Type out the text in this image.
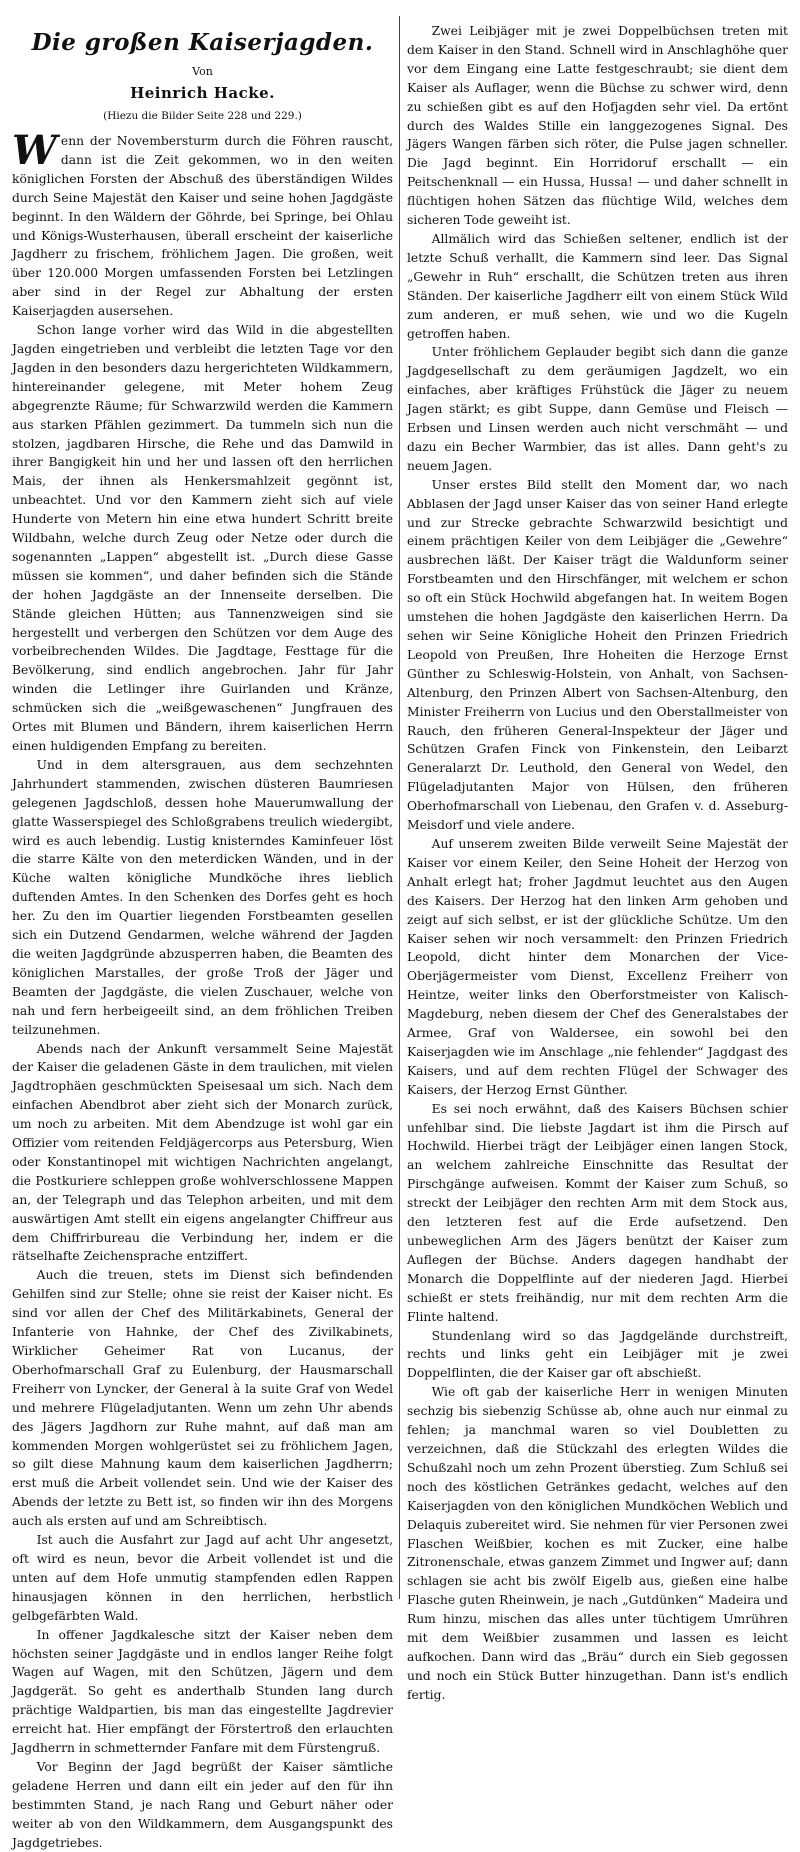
Die großen Kaiserjagden.
Von
Heinrich Hacke.
(Hiezu die Bilder Seite 228 und 229.)

Wenn der Novembersturm durch die Föhren rauscht, dann ist die Zeit gekommen, wo in den weiten königlichen Forsten der Abschuß des überständigen Wildes durch Seine Majestät den Kaiser und seine hohen Jagdgäste beginnt. In den Wäldern der Göhrde, bei Springe, bei Ohlau und Königs-Wusterhausen, überall erscheint der kaiserliche Jagdherr zu frischem, fröhlichem Jagen. Die großen, weit über 120.000 Morgen umfassenden Forsten bei Letzlingen aber sind in der Regel zur Abhaltung der ersten Kaiserjagden ausersehen.

Schon lange vorher wird das Wild in die abgestellten Jagden eingetrieben und verbleibt die letzten Tage vor den Jagden in den besonders dazu hergerichteten Wildkammern, hintereinander gelegene, mit Meter hohem Zeug abgegrenzte Räume; für Schwarzwild werden die Kammern aus starken Pfählen gezimmert. Da tummeln sich nun die stolzen, jagdbaren Hirsche, die Rehe und das Damwild in ihrer Bangigkeit hin und her und lassen oft den herrlichen Mais, der ihnen als Henkersmahlzeit gegönnt ist, unbeachtet. Und vor den Kammern zieht sich auf viele Hunderte von Metern hin eine etwa hundert Schritt breite Wildbahn, welche durch Zeug oder Netze oder durch die sogenannten „Lappen“ abgestellt ist. „Durch diese Gasse müssen sie kommen“, und daher befinden sich die Stände der hohen Jagdgäste an der Innenseite derselben. Die Stände gleichen Hütten; aus Tannenzweigen sind sie hergestellt und verbergen den Schützen vor dem Auge des vorbeibrechenden Wildes. Die Jagdtage, Festtage für die Bevölkerung, sind endlich angebrochen. Jahr für Jahr winden die Letlinger ihre Guirlanden und Kränze, schmücken sich die „weißgewaschenen“ Jungfrauen des Ortes mit Blumen und Bändern, ihrem kaiserlichen Herrn einen huldigenden Empfang zu bereiten.

Und in dem altersgrauen, aus dem sechzehnten Jahrhundert stammenden, zwischen düsteren Baumriesen gelegenen Jagdschloß, dessen hohe Mauerumwallung der glatte Wasserspiegel des Schloßgrabens treulich wiedergibt, wird es auch lebendig. Lustig knisterndes Kaminfeuer löst die starre Kälte von den meterdicken Wänden, und in der Küche walten königliche Mundköche ihres lieblich duftenden Amtes. In den Schenken des Dorfes geht es hoch her. Zu den im Quartier liegenden Forstbeamten gesellen sich ein Dutzend Gendarmen, welche während der Jagden die weiten Jagdgründe abzusperren haben, die Beamten des königlichen Marstalles, der große Troß der Jäger und Beamten der Jagdgäste, die vielen Zuschauer, welche von nah und fern herbeigeeilt sind, an dem fröhlichen Treiben teilzunehmen.

Abends nach der Ankunft versammelt Seine Majestät der Kaiser die geladenen Gäste in dem traulichen, mit vielen Jagdtrophäen geschmückten Speisesaal um sich. Nach dem einfachen Abendbrot aber zieht sich der Monarch zurück, um noch zu arbeiten. Mit dem Abendzuge ist wohl gar ein Offizier vom reitenden Feldjägercorps aus Petersburg, Wien oder Konstantinopel mit wichtigen Nachrichten angelangt, die Postkuriere schleppen große wohlverschlossene Mappen an, der Telegraph und das Telephon arbeiten, und mit dem auswärtigen Amt stellt ein eigens angelangter Chiffreur aus dem Chiffrirbureau die Verbindung her, indem er die rätselhafte Zeichensprache entziffert.

Auch die treuen, stets im Dienst sich befindenden Gehilfen sind zur Stelle; ohne sie reist der Kaiser nicht. Es sind vor allen der Chef des Militärkabinets, General der Infanterie von Hahnke, der Chef des Zivilkabinets, Wirklicher Geheimer Rat von Lucanus, der Oberhofmarschall Graf zu Eulenburg, der Hausmarschall Freiherr von Lyncker, der General à la suite Graf von Wedel und mehrere Flügeladjutanten. Wenn um zehn Uhr abends des Jägers Jagdhorn zur Ruhe mahnt, auf daß man am kommenden Morgen wohlgerüstet sei zu fröhlichem Jagen, so gilt diese Mahnung kaum dem kaiserlichen Jagdherrn; erst muß die Arbeit vollendet sein. Und wie der Kaiser des Abends der letzte zu Bett ist, so finden wir ihn des Morgens auch als ersten auf und am Schreibtisch.

Ist auch die Ausfahrt zur Jagd auf acht Uhr angesetzt, oft wird es neun, bevor die Arbeit vollendet ist und die unten auf dem Hofe unmutig stampfenden edlen Rappen hinausjagen können in den herrlichen, herbstlich gelbgefärbten Wald.

In offener Jagdkalesche sitzt der Kaiser neben dem höchsten seiner Jagdgäste und in endlos langer Reihe folgt Wagen auf Wagen, mit den Schützen, Jägern und dem Jagdgerät. So geht es anderthalb Stunden lang durch prächtige Waldpartien, bis man das eingestellte Jagdrevier erreicht hat. Hier empfängt der Förstertroß den erlauchten Jagdherrn in schmetternder Fanfare mit dem Fürstengruß.

Vor Beginn der Jagd begrüßt der Kaiser sämtliche geladene Herren und dann eilt ein jeder auf den für ihn bestimmten Stand, je nach Rang und Geburt näher oder weiter ab von den Wildkammern, dem Ausgangspunkt des Jagdgetriebes.

Zwei Leibjäger mit je zwei Doppelbüchsen treten mit dem Kaiser in den Stand. Schnell wird in Anschlaghöhe quer vor dem Eingang eine Latte festgeschraubt; sie dient dem Kaiser als Auflager, wenn die Büchse zu schwer wird, denn zu schießen gibt es auf den Hofjagden sehr viel. Da ertönt durch des Waldes Stille ein langgezogenes Signal. Des Jägers Wangen färben sich röter, die Pulse jagen schneller. Die Jagd beginnt. Ein Horridoruf erschallt — ein Peitschenknall — ein Hussa, Hussa! — und daher schnellt in flüchtigen hohen Sätzen das flüchtige Wild, welches dem sicheren Tode geweiht ist.

Allmälich wird das Schießen seltener, endlich ist der letzte Schuß verhallt, die Kammern sind leer. Das Signal „Gewehr in Ruh“ erschallt, die Schützen treten aus ihren Ständen. Der kaiserliche Jagdherr eilt von einem Stück Wild zum anderen, er muß sehen, wie und wo die Kugeln getroffen haben.

Unter fröhlichem Geplauder begibt sich dann die ganze Jagdgesellschaft zu dem geräumigen Jagdzelt, wo ein einfaches, aber kräftiges Frühstück die Jäger zu neuem Jagen stärkt; es gibt Suppe, dann Gemüse und Fleisch — Erbsen und Linsen werden auch nicht verschmäht — und dazu ein Becher Warmbier, das ist alles. Dann geht's zu neuem Jagen.

Unser erstes Bild stellt den Moment dar, wo nach Abblasen der Jagd unser Kaiser das von seiner Hand erlegte und zur Strecke gebrachte Schwarzwild besichtigt und einem prächtigen Keiler von dem Leibjäger die „Gewehre“ ausbrechen läßt. Der Kaiser trägt die Waldunform seiner Forstbeamten und den Hirschfänger, mit welchem er schon so oft ein Stück Hochwild abgefangen hat. In weitem Bogen umstehen die hohen Jagdgäste den kaiserlichen Herrn. Da sehen wir Seine Königliche Hoheit den Prinzen Friedrich Leopold von Preußen, Ihre Hoheiten die Herzoge Ernst Günther zu Schleswig-Holstein, von Anhalt, von Sachsen-Altenburg, den Prinzen Albert von Sachsen-Altenburg, den Minister Freiherrn von Lucius und den Oberstallmeister von Rauch, den früheren General-Inspekteur der Jäger und Schützen Grafen Finck von Finkenstein, den Leibarzt Generalarzt Dr. Leuthold, den General von Wedel, den Flügeladjutanten Major von Hülsen, den früheren Oberhofmarschall von Liebenau, den Grafen v. d. Asseburg-Meisdorf und viele andere.

Auf unserem zweiten Bilde verweilt Seine Majestät der Kaiser vor einem Keiler, den Seine Hoheit der Herzog von Anhalt erlegt hat; froher Jagdmut leuchtet aus den Augen des Kaisers. Der Herzog hat den linken Arm gehoben und zeigt auf sich selbst, er ist der glückliche Schütze. Um den Kaiser sehen wir noch versammelt: den Prinzen Friedrich Leopold, dicht hinter dem Monarchen der Vice-Oberjägermeister vom Dienst, Excellenz Freiherr von Heintze, weiter links den Oberforstmeister von Kalisch-Magdeburg, neben diesem der Chef des Generalstabes der Armee, Graf von Waldersee, ein sowohl bei den Kaiserjagden wie im Anschlage „nie fehlender“ Jagdgast des Kaisers, und auf dem rechten Flügel der Schwager des Kaisers, der Herzog Ernst Günther.

Es sei noch erwähnt, daß des Kaisers Büchsen schier unfehlbar sind. Die liebste Jagdart ist ihm die Pirsch auf Hochwild. Hierbei trägt der Leibjäger einen langen Stock, an welchem zahlreiche Einschnitte das Resultat der Pirschgänge aufweisen. Kommt der Kaiser zum Schuß, so streckt der Leibjäger den rechten Arm mit dem Stock aus, den letzteren fest auf die Erde aufsetzend. Den unbeweglichen Arm des Jägers benützt der Kaiser zum Auflegen der Büchse. Anders dagegen handhabt der Monarch die Doppelflinte auf der niederen Jagd. Hierbei schießt er stets freihändig, nur mit dem rechten Arm die Flinte haltend.

Stundenlang wird so das Jagdgelände durchstreift, rechts und links geht ein Leibjäger mit je zwei Doppelflinten, die der Kaiser gar oft abschießt.

Wie oft gab der kaiserliche Herr in wenigen Minuten sechzig bis siebenzig Schüsse ab, ohne auch nur einmal zu fehlen; ja manchmal waren so viel Doubletten zu verzeichnen, daß die Stückzahl des erlegten Wildes die Schußzahl noch um zehn Prozent überstieg. Zum Schluß sei noch des köstlichen Getränkes gedacht, welches auf den Kaiserjagden von den königlichen Mundköchen Weblich und Delaquis zubereitet wird. Sie nehmen für vier Personen zwei Flaschen Weißbier, kochen es mit Zucker, eine halbe Zitronenschale, etwas ganzem Zimmet und Ingwer auf; dann schlagen sie acht bis zwölf Eigelb aus, gießen eine halbe Flasche guten Rheinwein, je nach „Gutdünken“ Madeira und Rum hinzu, mischen das alles unter tüchtigem Umrühren mit dem Weißbier zusammen und lassen es leicht aufkochen. Dann wird das „Bräu“ durch ein Sieb gegossen und noch ein Stück Butter hinzugethan. Dann ist's endlich fertig.
